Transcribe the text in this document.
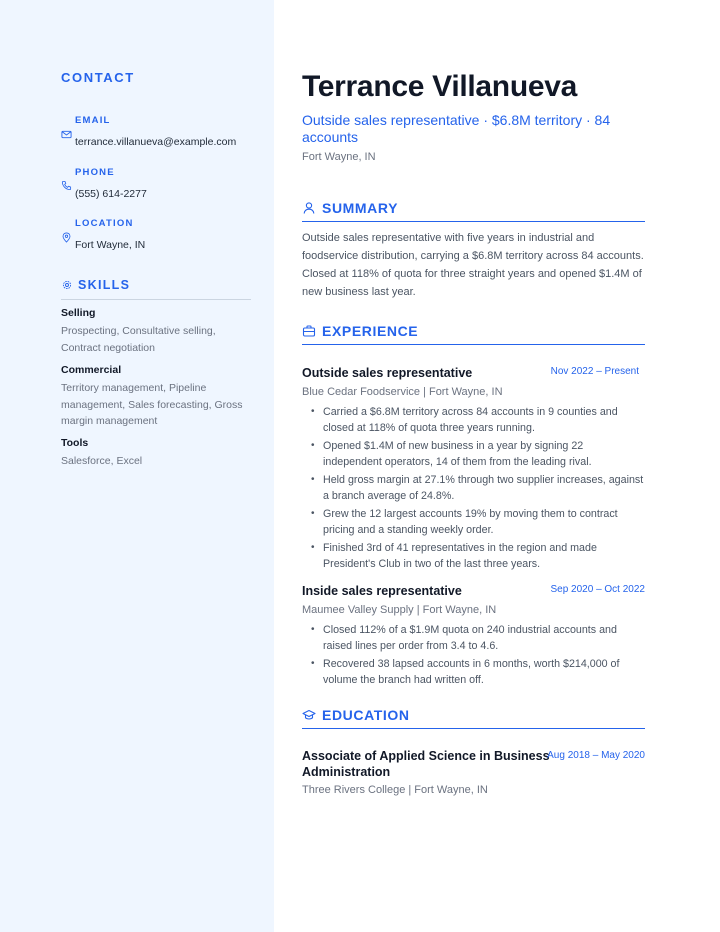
CONTACT
EMAIL
terrance.villanueva@example.com
PHONE
(555) 614-2277
LOCATION
Fort Wayne, IN
SKILLS
Selling
Prospecting, Consultative selling, Contract negotiation
Commercial
Territory management, Pipeline management, Sales forecasting, Gross margin management
Tools
Salesforce, Excel
Terrance Villanueva
Outside sales representative · $6.8M territory · 84 accounts
Fort Wayne, IN
SUMMARY

Outside sales representative with five years in industrial and foodservice distribution, carrying a $6.8M territory across 84 accounts. Closed at 118% of quota for three straight years and opened $1.4M of new business last year.

EXPERIENCE
Outside sales representative	Nov 2022 – Present
Blue Cedar Foodservice | Fort Wayne, IN
• Carried a $6.8M territory across 84 accounts in 9 counties and closed at 118% of quota three years running.
• Opened $1.4M of new business in a year by signing 22 independent operators, 14 of them from the leading rival.
• Held gross margin at 27.1% through two supplier increases, against a branch average of 24.8%.
• Grew the 12 largest accounts 19% by moving them to contract pricing and a standing weekly order.
• Finished 3rd of 41 representatives in the region and made President's Club in two of the last three years.
Inside sales representative	Sep 2020 – Oct 2022
Maumee Valley Supply | Fort Wayne, IN
• Closed 112% of a $1.9M quota on 240 industrial accounts and raised lines per order from 3.4 to 4.6.
• Recovered 38 lapsed accounts in 6 months, worth $214,000 of volume the branch had written off.
EDUCATION
Associate of Applied Science in Business Administration
Aug 2018 – May 2020
Three Rivers College | Fort Wayne, IN
